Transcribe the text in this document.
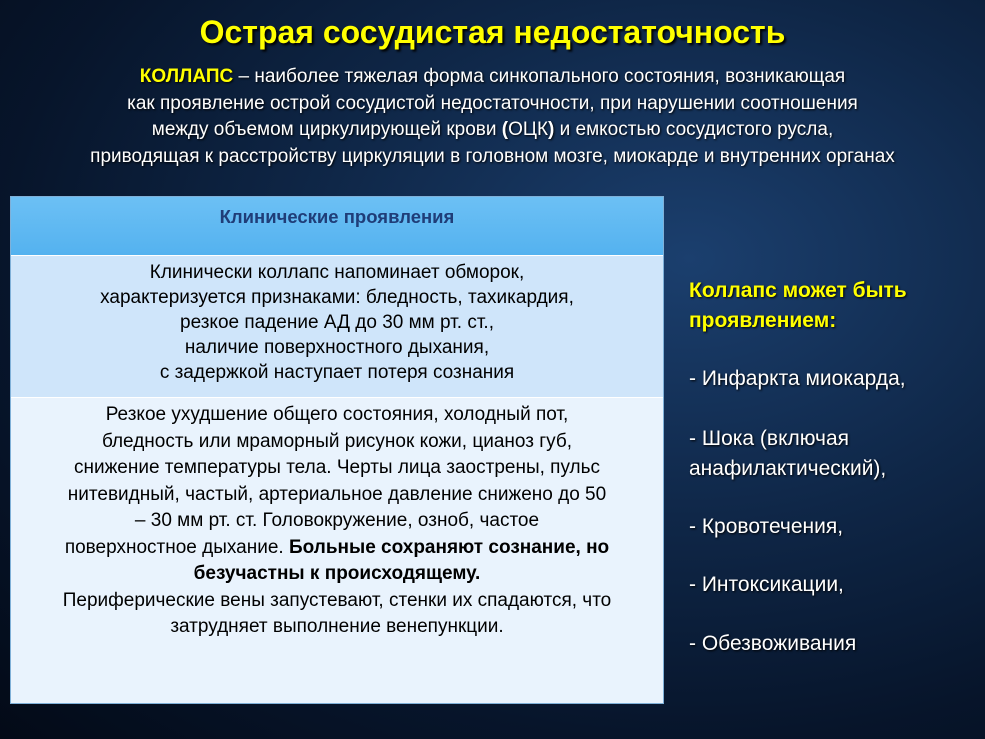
Острая сосудистая недостаточность
КОЛЛАПС – наиболее тяжелая форма синкопального состояния, возникающая
как проявление острой сосудистой недостаточности, при нарушении соотношения
между объемом циркулирующей крови (ОЦК) и емкостью сосудистого русла,
приводящая к расстройству циркуляции в головном мозге, миокарде и внутренних органах
Клинические проявления
Клинически коллапс напоминает обморок,
характеризуется признаками: бледность, тахикардия,
резкое падение АД до 30 мм рт. ст.,
наличие поверхностного дыхания,
с задержкой наступает потеря сознания
Резкое ухудшение общего состояния, холодный пот,
бледность или мраморный рисунок кожи, цианоз губ,
снижение температуры тела. Черты лица заострены, пульс
нитевидный, частый, артериальное давление снижено до 50
– 30 мм рт. ст. Головокружение, озноб, частое
поверхностное дыхание. Больные сохраняют сознание, но
безучастны к происходящему.
Периферические вены запустевают, стенки их спадаются, что
затрудняет выполнение венепункции.
Коллапс может быть
проявлением:
- Инфаркта миокарда,
- Шока (включая
анафилактический),
- Кровотечения,
- Интоксикации,
- Обезвоживания
